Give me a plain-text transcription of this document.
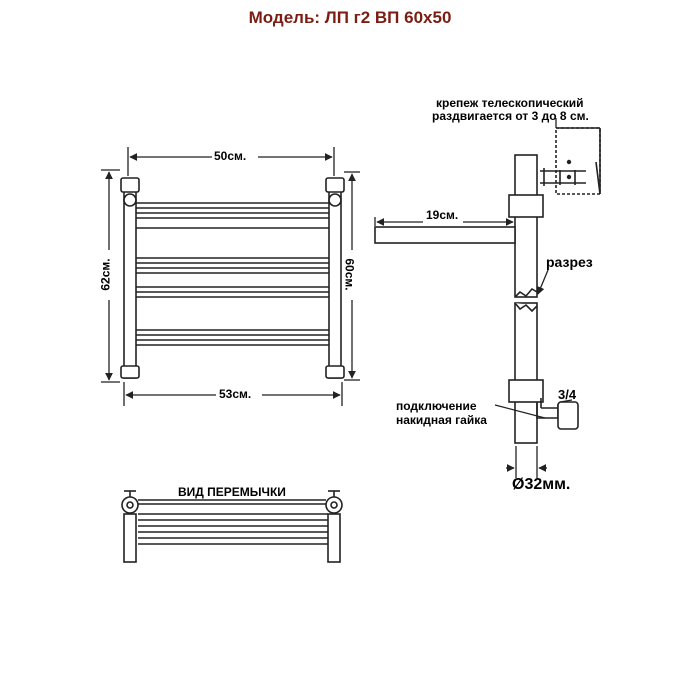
Модель: ЛП г2 ВП 60х50
50см.
53см.
62см.	60см.
крепеж телескопический
раздвигается от 3 до 8 см.
19см.
разрез
3/4
подключение
накидная гайка
Ø32мм.
ВИД ПЕРЕМЫЧКИ
